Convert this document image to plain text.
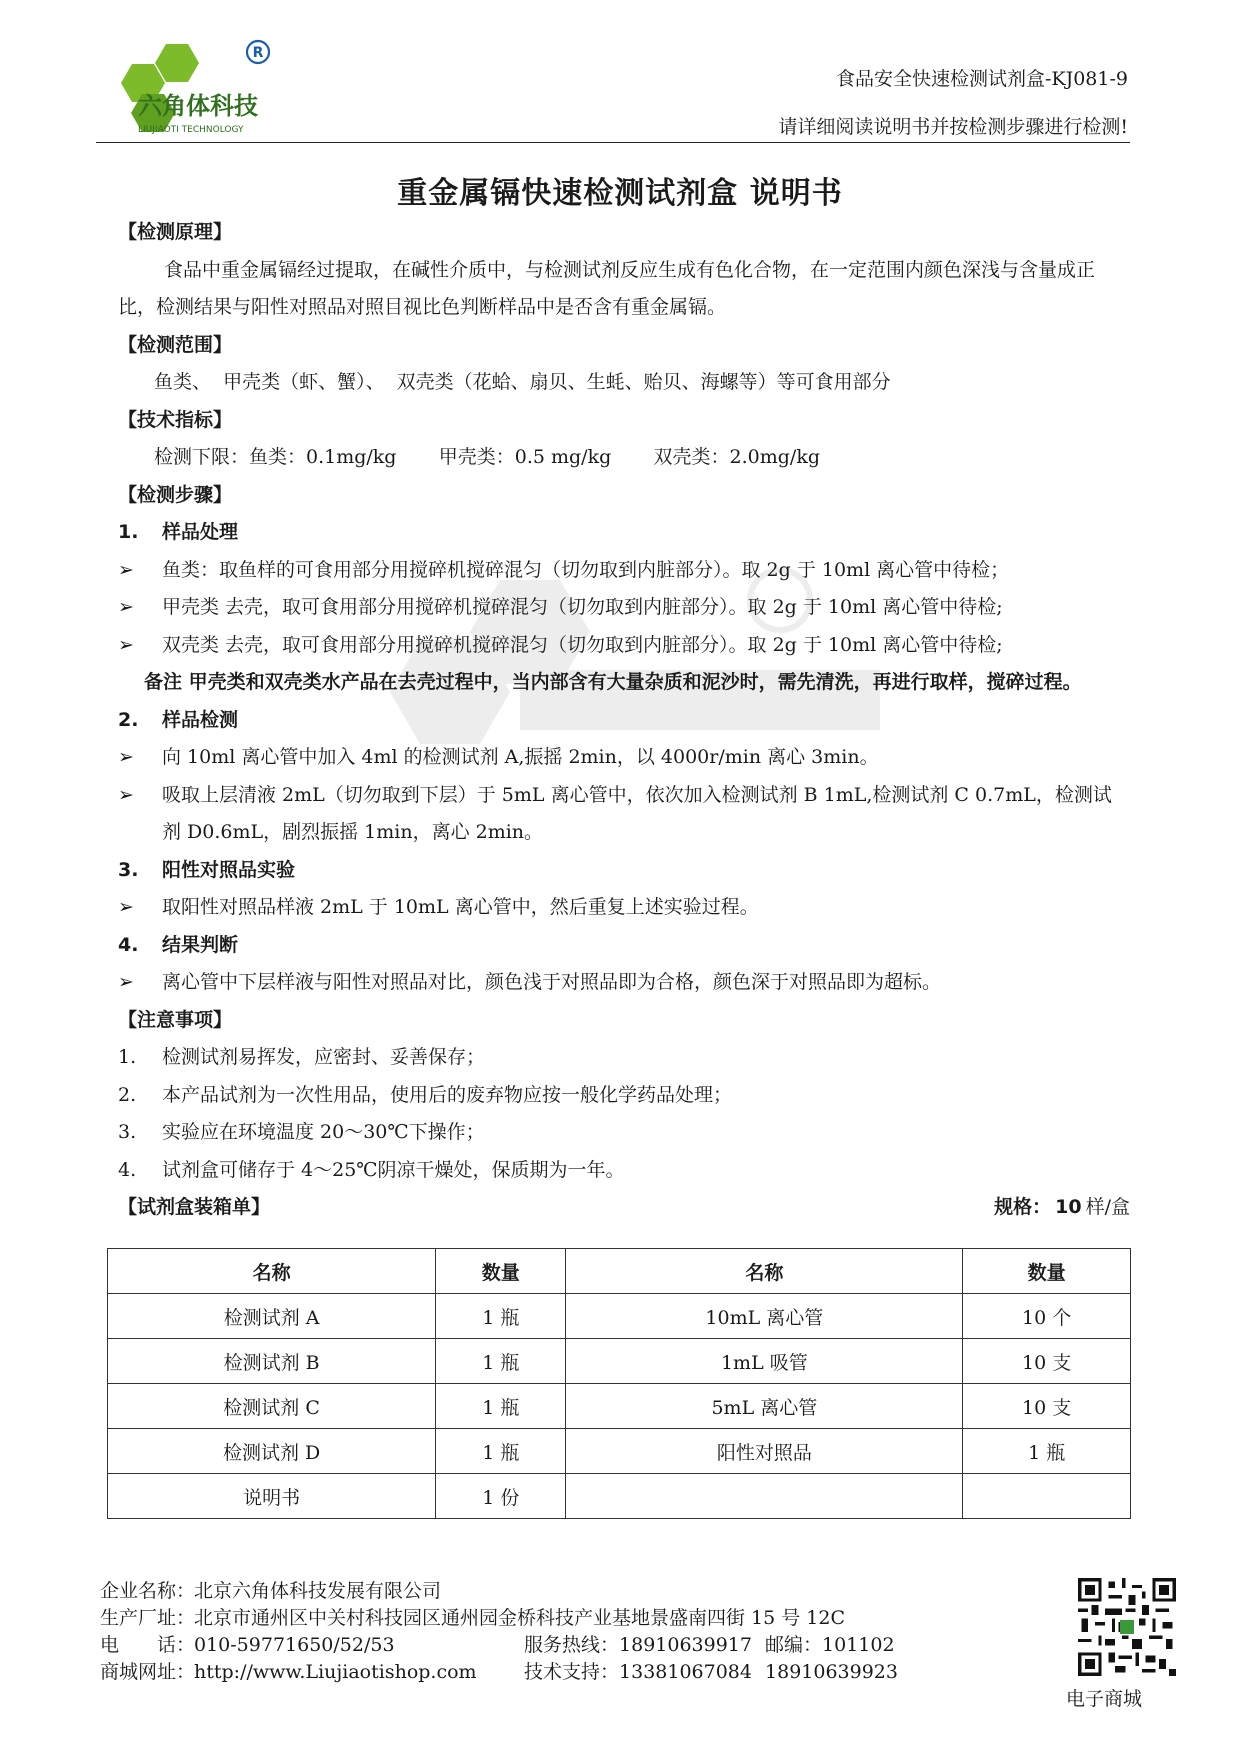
R
六角体科技
LIUJIAOTI TECHNOLOGY
食品安全快速检测试剂盒-KJ081-9
请详细阅读说明书并按检测步骤进行检测!
重金属镉快速检测试剂盒 说明书
【检测原理】
食品中重金属镉经过提取，在碱性介质中，与检测试剂反应生成有色化合物，在一定范围内颜色深浅与含量成正比，检测结果与阳性对照品对照目视比色判断样品中是否含有重金属镉。
【检测范围】
鱼类、  甲壳类（虾、蟹）、  双壳类（花蛤、扇贝、生蚝、贻贝、海螺等）等可食用部分
【技术指标】
检测下限：鱼类：0.1mg/kg       甲壳类：0.5 mg/kg       双壳类：2.0mg/kg
【检测步骤】
1.	样品处理
➢	鱼类：取鱼样的可食用部分用搅碎机搅碎混匀（切勿取到内脏部分）。取 2g 于 10ml 离心管中待检；
➢	甲壳类 去壳，取可食用部分用搅碎机搅碎混匀（切勿取到内脏部分）。取 2g 于 10ml 离心管中待检;
➢	双壳类 去壳，取可食用部分用搅碎机搅碎混匀（切勿取到内脏部分）。取 2g 于 10ml 离心管中待检;
备注 甲壳类和双壳类水产品在去壳过程中，当内部含有大量杂质和泥沙时，需先清洗，再进行取样，搅碎过程。
2.	样品检测
➢	向 10ml 离心管中加入 4ml 的检测试剂 A,振摇 2min，以 4000r/min 离心 3min。
➢	吸取上层清液 2mL（切勿取到下层）于 5mL 离心管中，依次加入检测试剂 B 1mL,检测试剂 C 0.7mL，检测试剂 D0.6mL，剧烈振摇 1min，离心 2min。
3.	阳性对照品实验
➢	取阳性对照品样液 2mL 于 10mL 离心管中，然后重复上述实验过程。
4.	结果判断
➢	离心管中下层样液与阳性对照品对比，颜色浅于对照品即为合格，颜色深于对照品即为超标。
【注意事项】
1.	检测试剂易挥发，应密封、妥善保存；
2.	本产品试剂为一次性用品，使用后的废弃物应按一般化学药品处理；
3.	实验应在环境温度 20～30℃下操作；
4.	试剂盒可储存于 4～25℃阴凉干燥处，保质期为一年。
【试剂盒装箱单】	规格： 10 样/盒
名称	数量	名称	数量
检测试剂 A	1 瓶	10mL 离心管	10 个
检测试剂 B	1 瓶	1mL 吸管	10 支
检测试剂 C	1 瓶	5mL 离心管	10 支
检测试剂 D	1 瓶	阳性对照品	1 瓶
说明书	1 份		
企业名称：
北京六角体科技发展有限公司
生产厂址：
北京市通州区中关村科技园区通州园金桥科技产业基地景盛南四街 15 号 12C
电　　话：
010-59771650/52/53	服务热线： 18910639917 邮编： 101102
商城网址：
http://www.Liujiaotishop.com	技术支持： 13381067084 18910639923
电子商城
